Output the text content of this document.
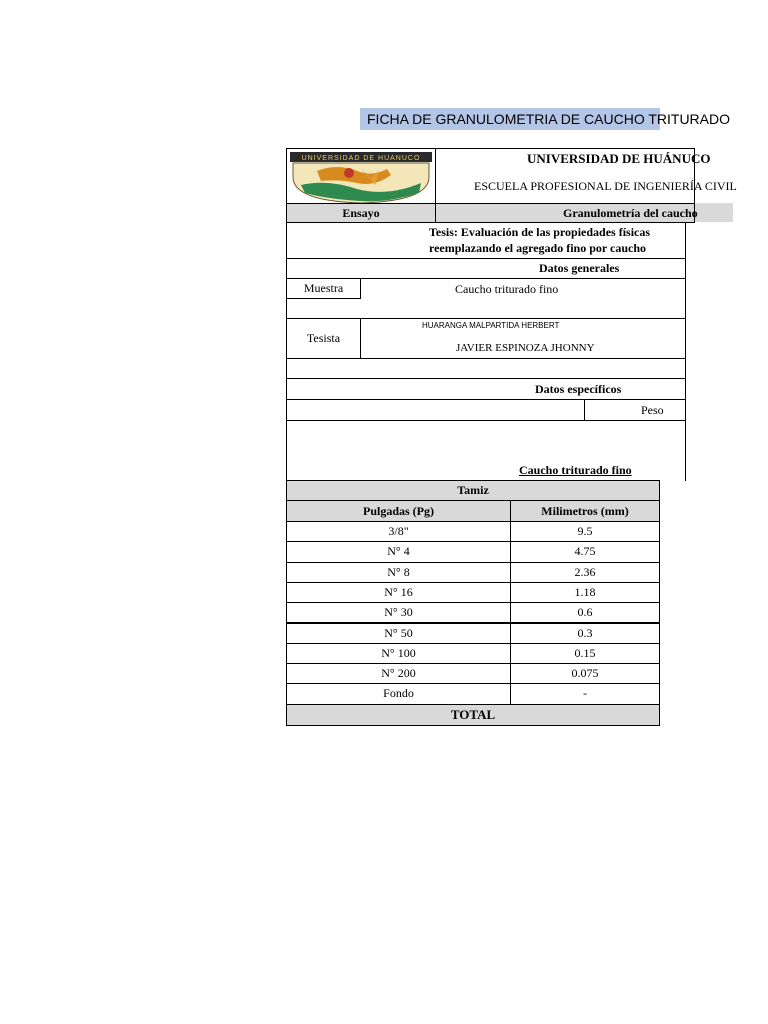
FICHA DE GRANULOMETRIA DE CAUCHO TRITURADO
UNIVERSIDAD DE HUANUCO	UNIVERSIDAD DE HUÁNUCO
ESCUELA PROFESIONAL DE INGENIERÍA CIVIL
Ensayo	Granulometría del caucho
Tesis: Evaluación de las propiedades físicas
reemplazando el agregado fino por caucho
Datos generales
Muestra	Caucho triturado fino
Tesista
HUARANGA MALPARTIDA HERBERT
JAVIER ESPINOZA JHONNY
Datos específicos
Peso
Caucho triturado fino
Tamiz
Pulgadas (Pg)	Milimetros (mm)
3/8"	9.5
N° 4	4.75
N° 8	2.36
N° 16	1.18
N° 30	0.6
N° 50	0.3
N° 100	0.15
N° 200	0.075
Fondo	-
TOTAL
